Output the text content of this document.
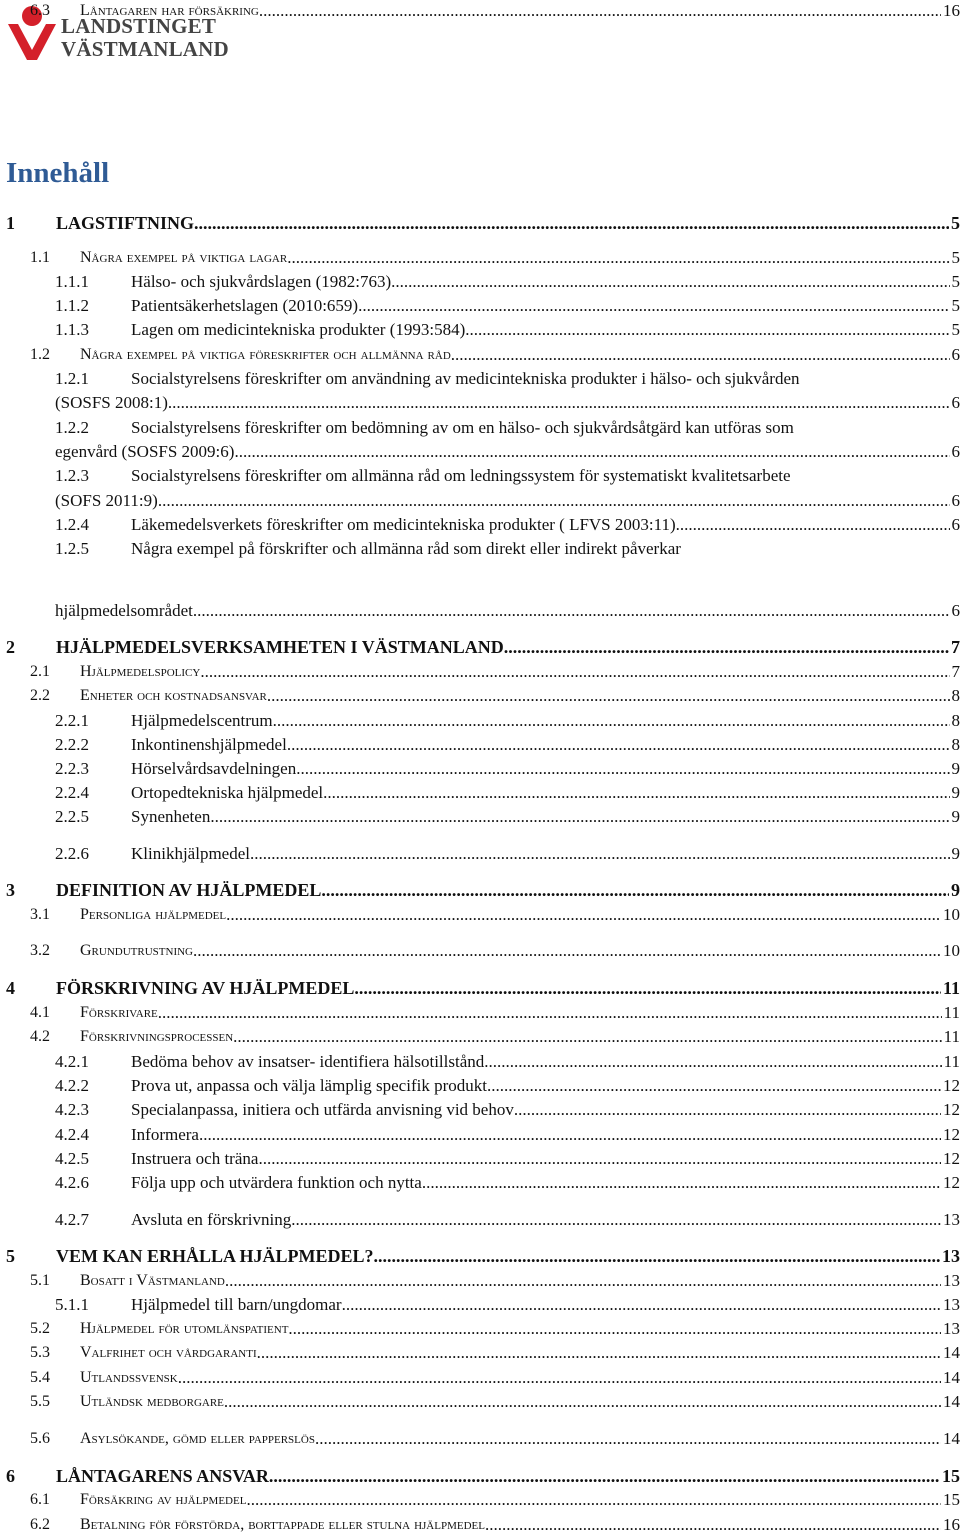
LANDSTINGET
VÄSTMANLAND
Innehåll
1 LAGSTIFTNING .....	5
1.1 Några exempel på viktiga lagar .....	5
1.1.1 Hälso- och sjukvårdslagen (1982:763) .....	5
1.1.2 Patientsäkerhetslagen (2010:659) .....	5
1.1.3 Lagen om medicintekniska produkter (1993:584) .....	5
1.2 Några exempel på viktiga föreskrifter och allmänna råd .....	6
1.2.1 Socialstyrelsens föreskrifter om användning av medicintekniska produkter i hälso- och sjukvården
(SOSFS 2008:1) .....	6
1.2.2 Socialstyrelsens föreskrifter om bedömning av om en hälso- och sjukvårdsåtgärd kan utföras som
egenvård (SOSFS 2009:6) .....	6
1.2.3 Socialstyrelsens föreskrifter om allmänna råd om ledningssystem för systematiskt kvalitetsarbete
(SOFS 2011:9) .....	6
1.2.4 Läkemedelsverkets föreskrifter om medicintekniska produkter ( LFVS 2003:11) .....	6
1.2.5 Några exempel på förskrifter och allmänna råd som direkt eller indirekt påverkar
hjälpmedelsområdet .....	6
2 HJÄLPMEDELSVERKSAMHETEN I VÄSTMANLAND .....	7
2.1 Hjälpmedelspolicy .....	7
2.2 Enheter och kostnadsansvar .....	8
2.2.1 Hjälpmedelscentrum .....	8
2.2.2 Inkontinenshjälpmedel .....	8
2.2.3 Hörselvårdsavdelningen .....	9
2.2.4 Ortopedtekniska hjälpmedel .....	9
2.2.5 Synenheten .....	9
2.2.6 Klinikhjälpmedel .....	9
3 DEFINITION AV HJÄLPMEDEL .....	9
3.1 Personliga hjälpmedel .....	10
3.2 Grundutrustning .....	10
4 FÖRSKRIVNING AV HJÄLPMEDEL .....	11
4.1 Förskrivare .....	11
4.2 Förskrivningsprocessen .....	11
4.2.1 Bedöma behov av insatser- identifiera hälsotillstånd .....	11
4.2.2 Prova ut, anpassa och välja lämplig specifik produkt .....	12
4.2.3 Specialanpassa, initiera och utfärda anvisning vid behov .....	12
4.2.4 Informera .....	12
4.2.5 Instruera och träna .....	12
4.2.6 Följa upp och utvärdera funktion och nytta .....	12
4.2.7 Avsluta en förskrivning .....	13
5 VEM KAN ERHÅLLA HJÄLPMEDEL? .....	13
5.1 Bosatt i Västmanland .....	13
5.1.1 Hjälpmedel till barn/ungdomar .....	13
5.2 Hjälpmedel för utomlänspatient .....	13
5.3 Valfrihet och vårdgaranti .....	14
5.4 Utlandssvensk .....	14
5.5 Utländsk medborgare .....	14
5.6 Asylsökande, gömd eller papperslös .....	14
6 LÅNTAGARENS ANSVAR .....	15
6.1 Försäkring av hjälpmedel .....	15
6.2 Betalning för förstörda, borttappade eller stulna hjälpmedel .....	16
6.3 Låntagaren har försäkring .....	16
